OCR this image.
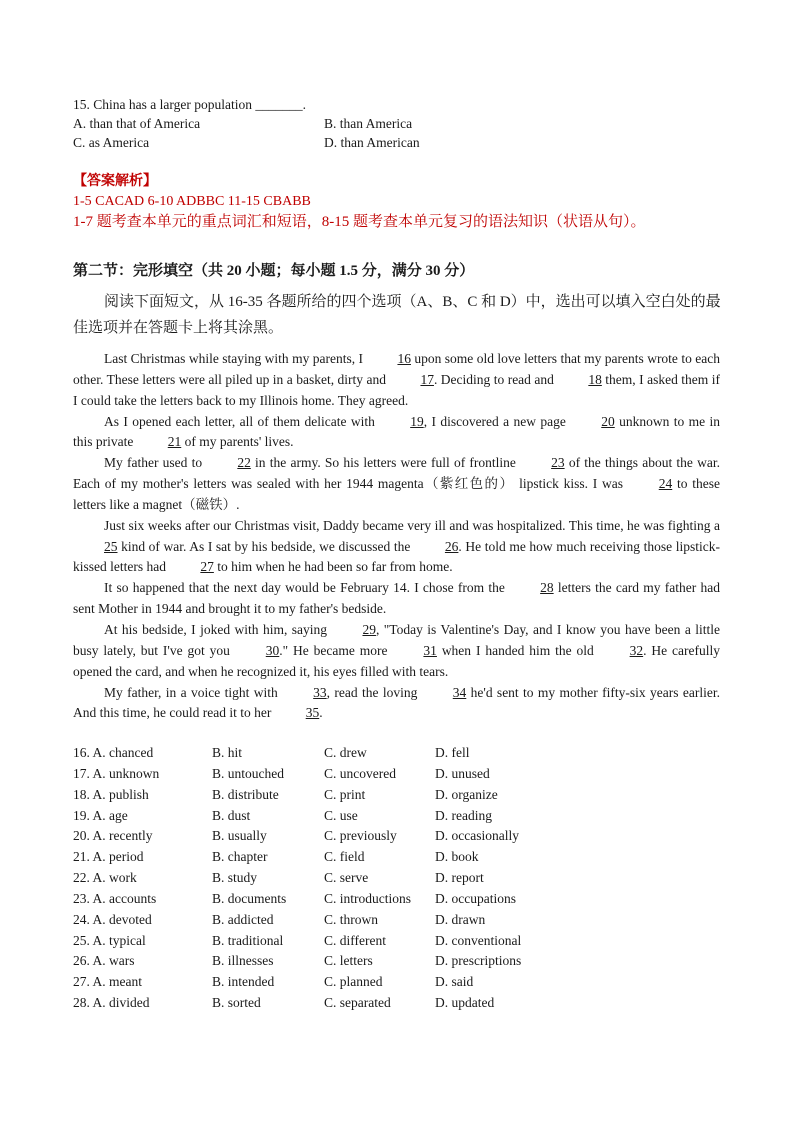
15. China has a larger population _______.
A. than that of America	B. than America
C. as America	D. than American
【答案解析】
1-5 CACAD 6-10 ADBBC 11-15 CBABB
1-7 题考查本单元的重点词汇和短语，8-15 题考查本单元复习的语法知识（状语从句）。
第二节：完形填空（共 20 小题；每小题 1.5 分，满分 30 分）
阅读下面短文，从 16-35 各题所给的四个选项（A、B、C 和 D）中，选出可以填入空白处的最佳选项并在答题卡上将其涂黑。

Last Christmas while staying with my parents, I 16 upon some old love letters that my parents wrote to each other. These letters were all piled up in a basket, dirty and 17. Deciding to read and 18 them, I asked them if I could take the letters back to my Illinois home. They agreed.

As I opened each letter, all of them delicate with 19, I discovered a new page 20 unknown to me in this private 21 of my parents' lives.

My father used to 22 in the army. So his letters were full of frontline 23 of the things about the war. Each of my mother's letters was sealed with her 1944 magenta（紫红色的） lipstick kiss. I was 24 to these letters like a magnet（磁铁）.

Just six weeks after our Christmas visit, Daddy became very ill and was hospitalized. This time, he was fighting a 25 kind of war. As I sat by his bedside, we discussed the 26. He told me how much receiving those lipstick-kissed letters had 27 to him when he had been so far from home.

It so happened that the next day would be February 14. I chose from the 28 letters the card my father had sent Mother in 1944 and brought it to my father's bedside.

At his bedside, I joked with him, saying 29, "Today is Valentine's Day, and I know you have been a little busy lately, but I've got you 30." He became more 31 when I handed him the old 32. He carefully opened the card, and when he recognized it, his eyes filled with tears.

My father, in a voice tight with 33, read the loving 34 he'd sent to my mother fifty-six years earlier. And this time, he could read it to her 35.

16. A. chanced	B. hit	C. drew	D. fell
17. A. unknown	B. untouched	C. uncovered	D. unused
18. A. publish	B. distribute	C. print	D. organize
19. A. age	B. dust	C. use	D. reading
20. A. recently	B. usually	C. previously	D. occasionally
21. A. period	B. chapter	C. field	D. book
22. A. work	B. study	C. serve	D. report
23. A. accounts	B. documents	C. introductions	D. occupations
24. A. devoted	B. addicted	C. thrown	D. drawn
25. A. typical	B. traditional	C. different	D. conventional
26. A. wars	B. illnesses	C. letters	D. prescriptions
27. A. meant	B. intended	C. planned	D. said
28. A. divided	B. sorted	C. separated	D. updated
